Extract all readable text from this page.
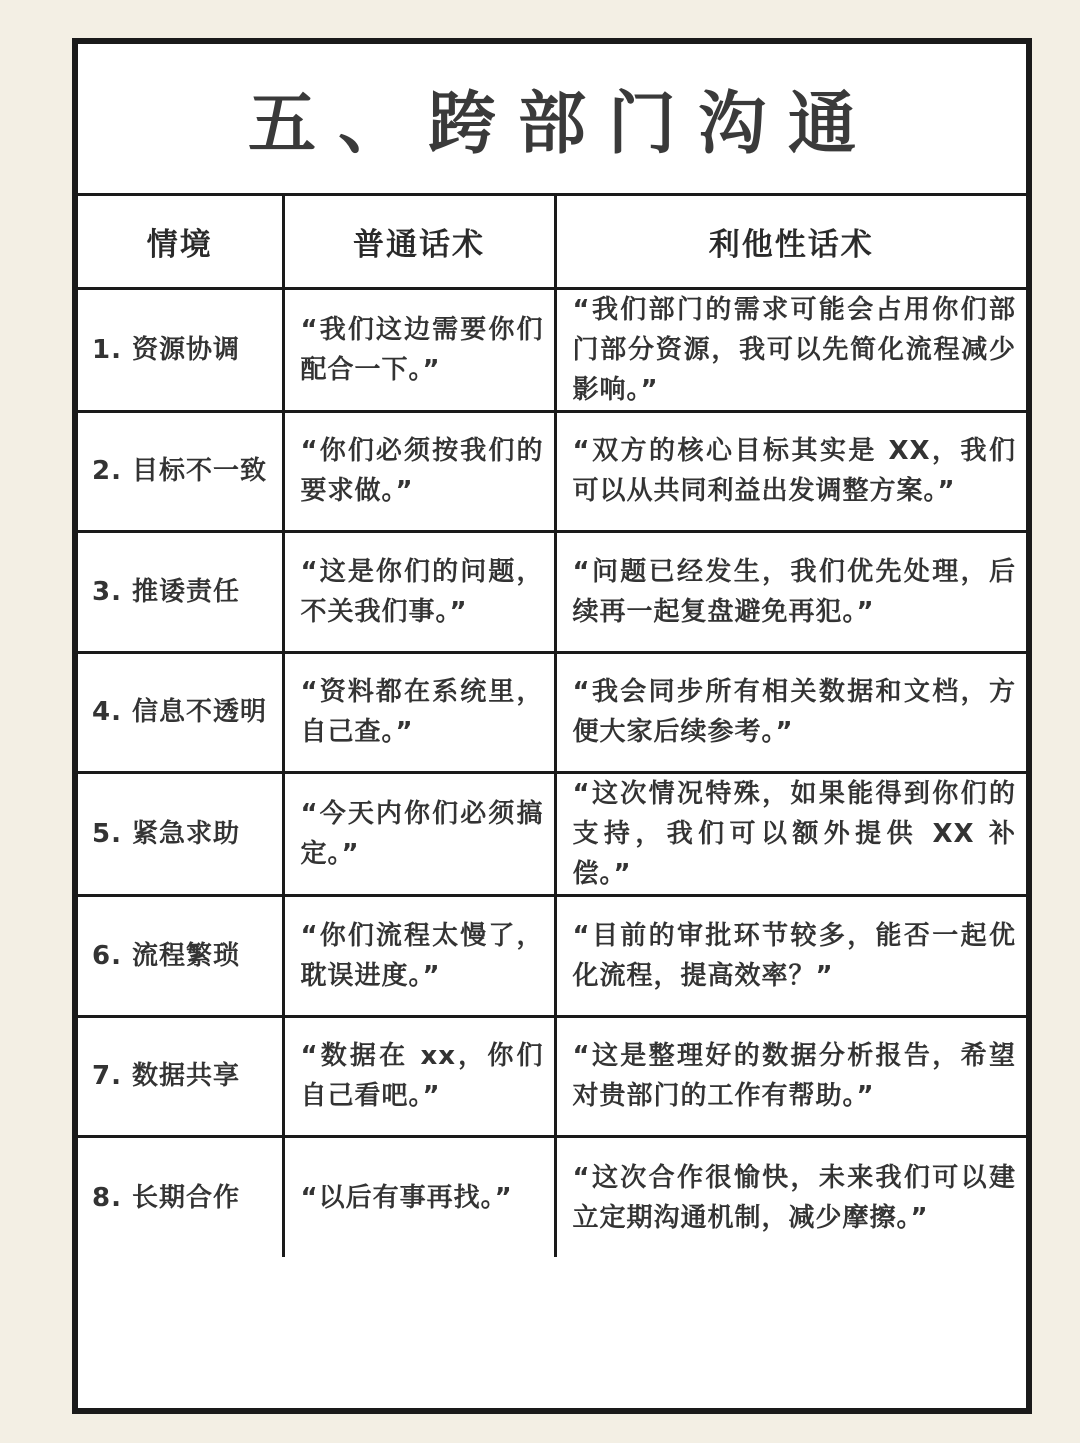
五、跨部门沟通
情境	普通话术	利他性话术
1. 资源协调	“我们这边需要你们配合一下。”	“我们部门的需求可能会占用你们部门部分资源，我可以先简化流程减少影响。”
2. 目标不一致	“你们必须按我们的要求做。”	“双方的核心目标其实是 XX，我们可以从共同利益出发调整方案。”
3. 推诿责任	“这是你们的问题，不关我们事。”	“问题已经发生，我们优先处理，后续再一起复盘避免再犯。”
4. 信息不透明	“资料都在系统里，自己查。”	“我会同步所有相关数据和文档，方便大家后续参考。”
5. 紧急求助	“今天内你们必须搞定。”	“这次情况特殊，如果能得到你们的支持，我们可以额外提供 XX 补偿。”
6. 流程繁琐	“你们流程太慢了，耽误进度。”	“目前的审批环节较多，能否一起优化流程，提高效率？”
7. 数据共享	“数据在 xx，你们自己看吧。”	“这是整理好的数据分析报告，希望对贵部门的工作有帮助。”
8. 长期合作	“以后有事再找。”	“这次合作很愉快，未来我们可以建立定期沟通机制，减少摩擦。”
